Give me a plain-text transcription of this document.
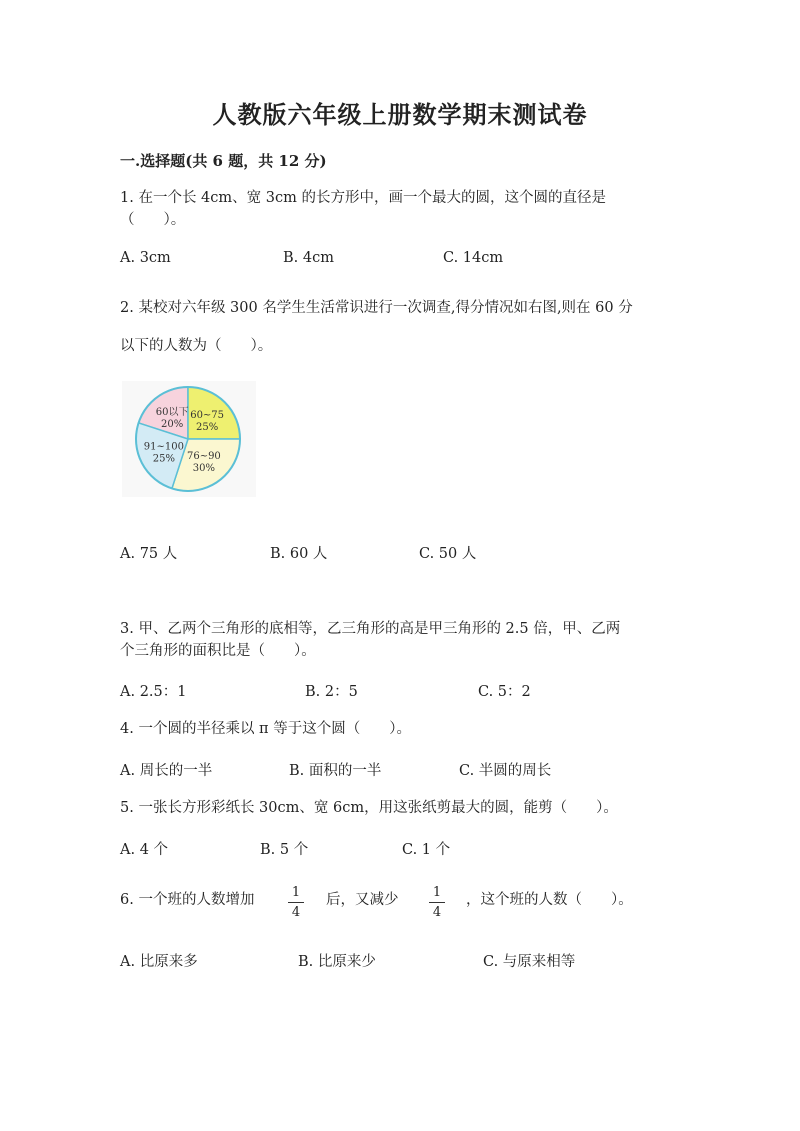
人教版六年级上册数学期末测试卷
一.选择题(共 6 题，共 12 分)
1. 在一个长 4cm、宽 3cm 的长方形中，画一个最大的圆，这个圆的直径是
（　　）。
A. 3cm	B. 4cm	C. 14cm
2. 某校对六年级 300 名学生生活常识进行一次调查,得分情况如右图,则在 60 分
以下的人数为（　　）。
60以下
20%
60~75
25%
76~90
30%
91~100
25%
A. 75 人	B. 60 人	C. 50 人
3. 甲、乙两个三角形的底相等，乙三角形的高是甲三角形的 2.5 倍，甲、乙两
个三角形的面积比是（　　）。
A. 2.5：1	B. 2：5	C. 5：2
4. 一个圆的半径乘以 π 等于这个圆（　　）。
A. 周长的一半	B. 面积的一半	C. 半圆的周长
5. 一张长方形彩纸长 30cm、宽 6cm，用这张纸剪最大的圆，能剪（　　）。
A. 4 个	B. 5 个	C. 1 个
6. 一个班的人数增加	1
4
后，又减少	1
4
，这个班的人数（　　）。
A. 比原来多	B. 比原来少	C. 与原来相等
